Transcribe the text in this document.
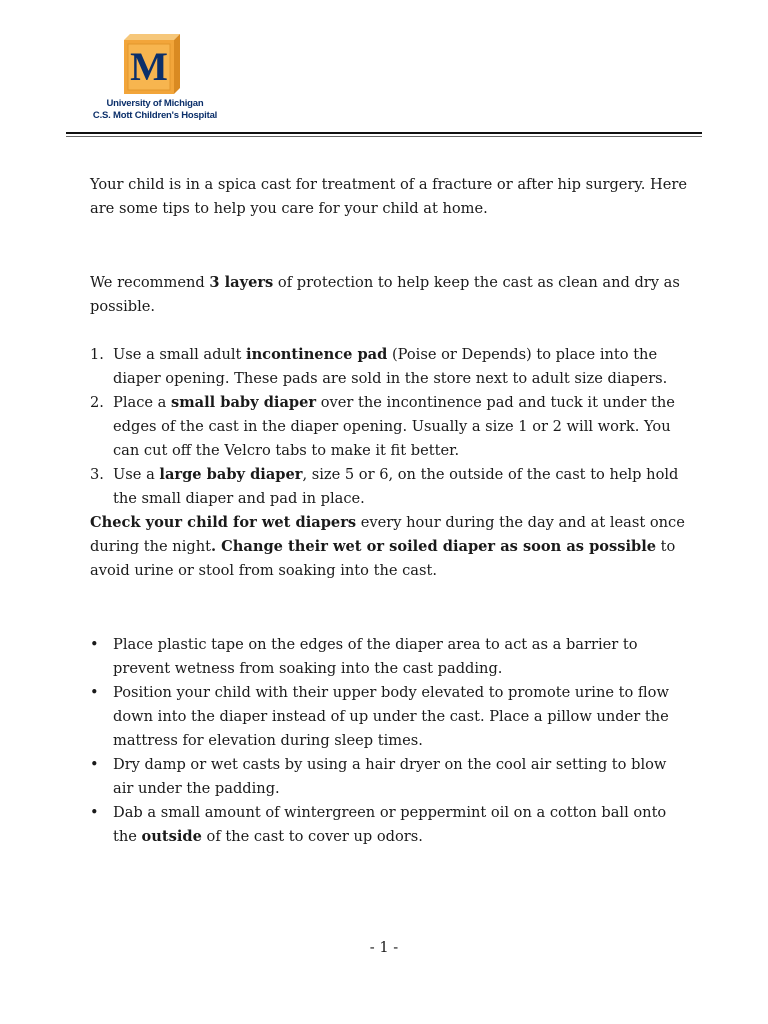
M
University of Michigan
C.S. Mott Children's Hospital

Your child is in a spica cast for treatment of a fracture or after hip surgery. Here are some tips to help you care for your child at home.

We recommend 3 layers of protection to help keep the cast as clean and dry as possible.

1. Use a small adult incontinence pad (Poise or Depends) to place into the diaper opening. These pads are sold in the store next to adult size diapers.
2. Place a small baby diaper over the incontinence pad and tuck it under the edges of the cast in the diaper opening. Usually a size 1 or 2 will work. You can cut off the Velcro tabs to make it fit better.
3. Use a large baby diaper, size 5 or 6, on the outside of the cast to help hold the small diaper and pad in place.

Check your child for wet diapers every hour during the day and at least once during the night. Change their wet or soiled diaper as soon as possible to avoid urine or stool from soaking into the cast.

• Place plastic tape on the edges of the diaper area to act as a barrier to prevent wetness from soaking into the cast padding.
• Position your child with their upper body elevated to promote urine to flow down into the diaper instead of up under the cast. Place a pillow under the mattress for elevation during sleep times.
• Dry damp or wet casts by using a hair dryer on the cool air setting to blow air under the padding.
• Dab a small amount of wintergreen or peppermint oil on a cotton ball onto the outside of the cast to cover up odors.
- 1 -
